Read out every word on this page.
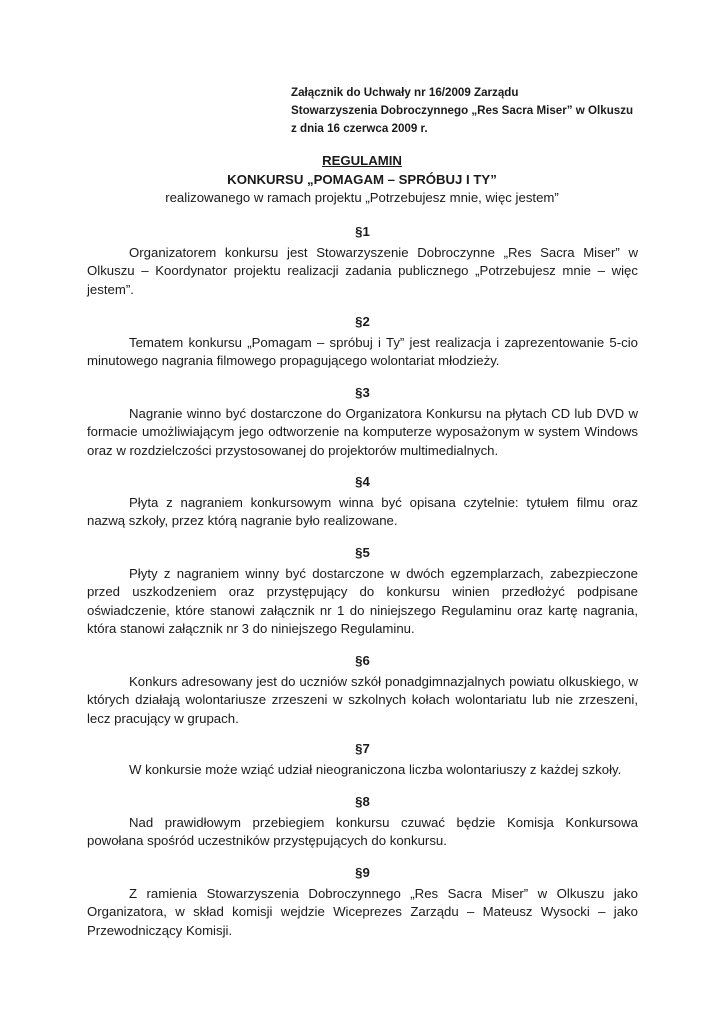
Załącznik do Uchwały nr 16/2009 Zarządu
Stowarzyszenia Dobroczynnego „Res Sacra Miser” w Olkuszu
z dnia 16 czerwca 2009 r.
REGULAMIN
KONKURSU „POMAGAM – SPRÓBUJ I TY”
realizowanego w ramach projektu „Potrzebujesz mnie, więc jestem”
§1
Organizatorem konkursu jest Stowarzyszenie Dobroczynne „Res Sacra Miser” w Olkuszu – Koordynator projektu realizacji zadania publicznego „Potrzebujesz mnie – więc jestem”.
§2
Tematem konkursu „Pomagam – spróbuj i Ty” jest realizacja i zaprezentowanie 5-cio minutowego nagrania filmowego propagującego wolontariat młodzieży.
§3
Nagranie winno być dostarczone do Organizatora Konkursu na płytach CD lub DVD w formacie umożliwiającym jego odtworzenie na komputerze wyposażonym w system Windows oraz w rozdzielczości przystosowanej do projektorów multimedialnych.
§4
Płyta z nagraniem konkursowym winna być opisana czytelnie: tytułem filmu oraz nazwą szkoły, przez którą nagranie było realizowane.
§5
Płyty z nagraniem winny być dostarczone w dwóch egzemplarzach, zabezpieczone przed uszkodzeniem oraz przystępujący do konkursu winien przedłożyć podpisane oświadczenie, które stanowi załącznik nr 1 do niniejszego Regulaminu oraz kartę nagrania, która stanowi załącznik nr 3 do niniejszego Regulaminu.
§6
Konkurs adresowany jest do uczniów szkół ponadgimnazjalnych powiatu olkuskiego, w których działają wolontariusze zrzeszeni w szkolnych kołach wolontariatu lub nie zrzeszeni, lecz pracujący w grupach.
§7
W konkursie może wziąć udział nieograniczona liczba wolontariuszy z każdej szkoły.
§8
Nad prawidłowym przebiegiem konkursu czuwać będzie Komisja Konkursowa powołana spośród uczestników przystępujących do konkursu.
§9
Z ramienia Stowarzyszenia Dobroczynnego „Res Sacra Miser” w Olkuszu jako Organizatora, w skład komisji wejdzie Wiceprezes Zarządu – Mateusz Wysocki – jako Przewodniczący Komisji.
